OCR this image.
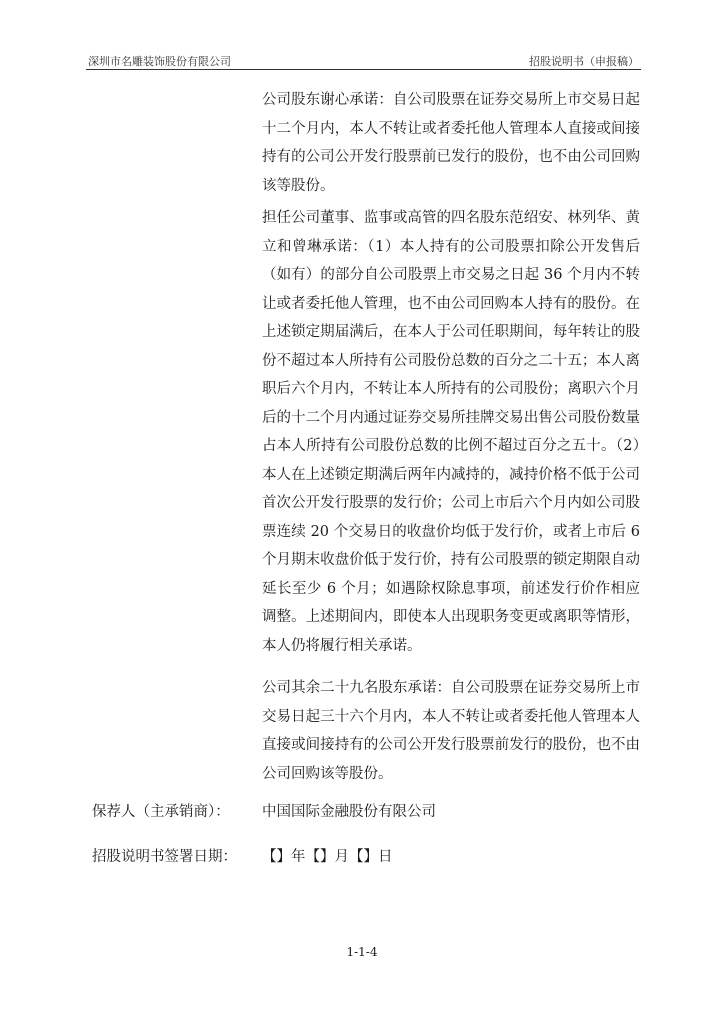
深圳市名雕装饰股份有限公司	招股说明书（申报稿）
公司股东谢心承诺：自公司股票在证券交易所上市交易日起十二个月内，本人不转让或者委托他人管理本人直接或间接持有的公司公开发行股票前已发行的股份，也不由公司回购该等股份。
担任公司董事、监事或高管的四名股东范绍安、林列华、黄立和曾琳承诺：（1）本人持有的公司股票扣除公开发售后（如有）的部分自公司股票上市交易之日起 36 个月内不转让或者委托他人管理，也不由公司回购本人持有的股份。在上述锁定期届满后，在本人于公司任职期间，每年转让的股份不超过本人所持有公司股份总数的百分之二十五；本人离职后六个月内，不转让本人所持有的公司股份；离职六个月后的十二个月内通过证券交易所挂牌交易出售公司股份数量占本人所持有公司股份总数的比例不超过百分之五十。（2）本人在上述锁定期满后两年内减持的，减持价格不低于公司首次公开发行股票的发行价；公司上市后六个月内如公司股票连续 20 个交易日的收盘价均低于发行价，或者上市后 6 个月期末收盘价低于发行价，持有公司股票的锁定期限自动延长至少 6 个月；如遇除权除息事项，前述发行价作相应调整。上述期间内，即使本人出现职务变更或离职等情形，本人仍将履行相关承诺。
公司其余二十九名股东承诺：自公司股票在证券交易所上市交易日起三十六个月内，本人不转让或者委托他人管理本人直接或间接持有的公司公开发行股票前发行的股份，也不由公司回购该等股份。
保荐人（主承销商）： 中国国际金融股份有限公司
招股说明书签署日期： 【】年【】月【】日
1-1-4
